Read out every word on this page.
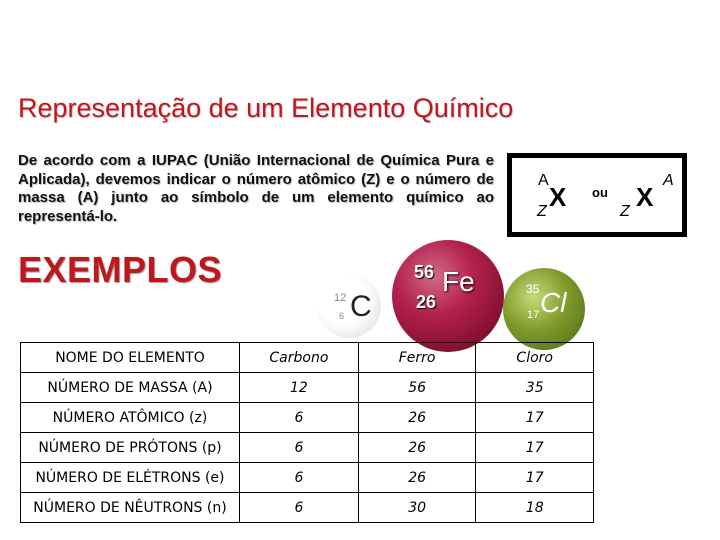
Representação de um Elemento Químico
De acordo com a IUPAC (União Internacional de Química Pura e Aplicada), devemos indicar o número atômico (Z) e o número de massa (A) junto ao símbolo de um elemento químico ao representá-lo.
A
Z X ou
Z X
A
EXEMPLOS
12
6 C
56
26
Fe	35
17 Cl
NOME DO ELEMENTO	Carbono	Ferro	Cloro
NÚMERO DE MASSA (A)	12	56	35
NÚMERO ATÔMICO (z)	6	26	17
NÚMERO DE PRÓTONS (p)	6	26	17
NÚMERO DE ELÉTRONS (e)	6	26	17
NÚMERO DE NÊUTRONS (n)	6	30	18
